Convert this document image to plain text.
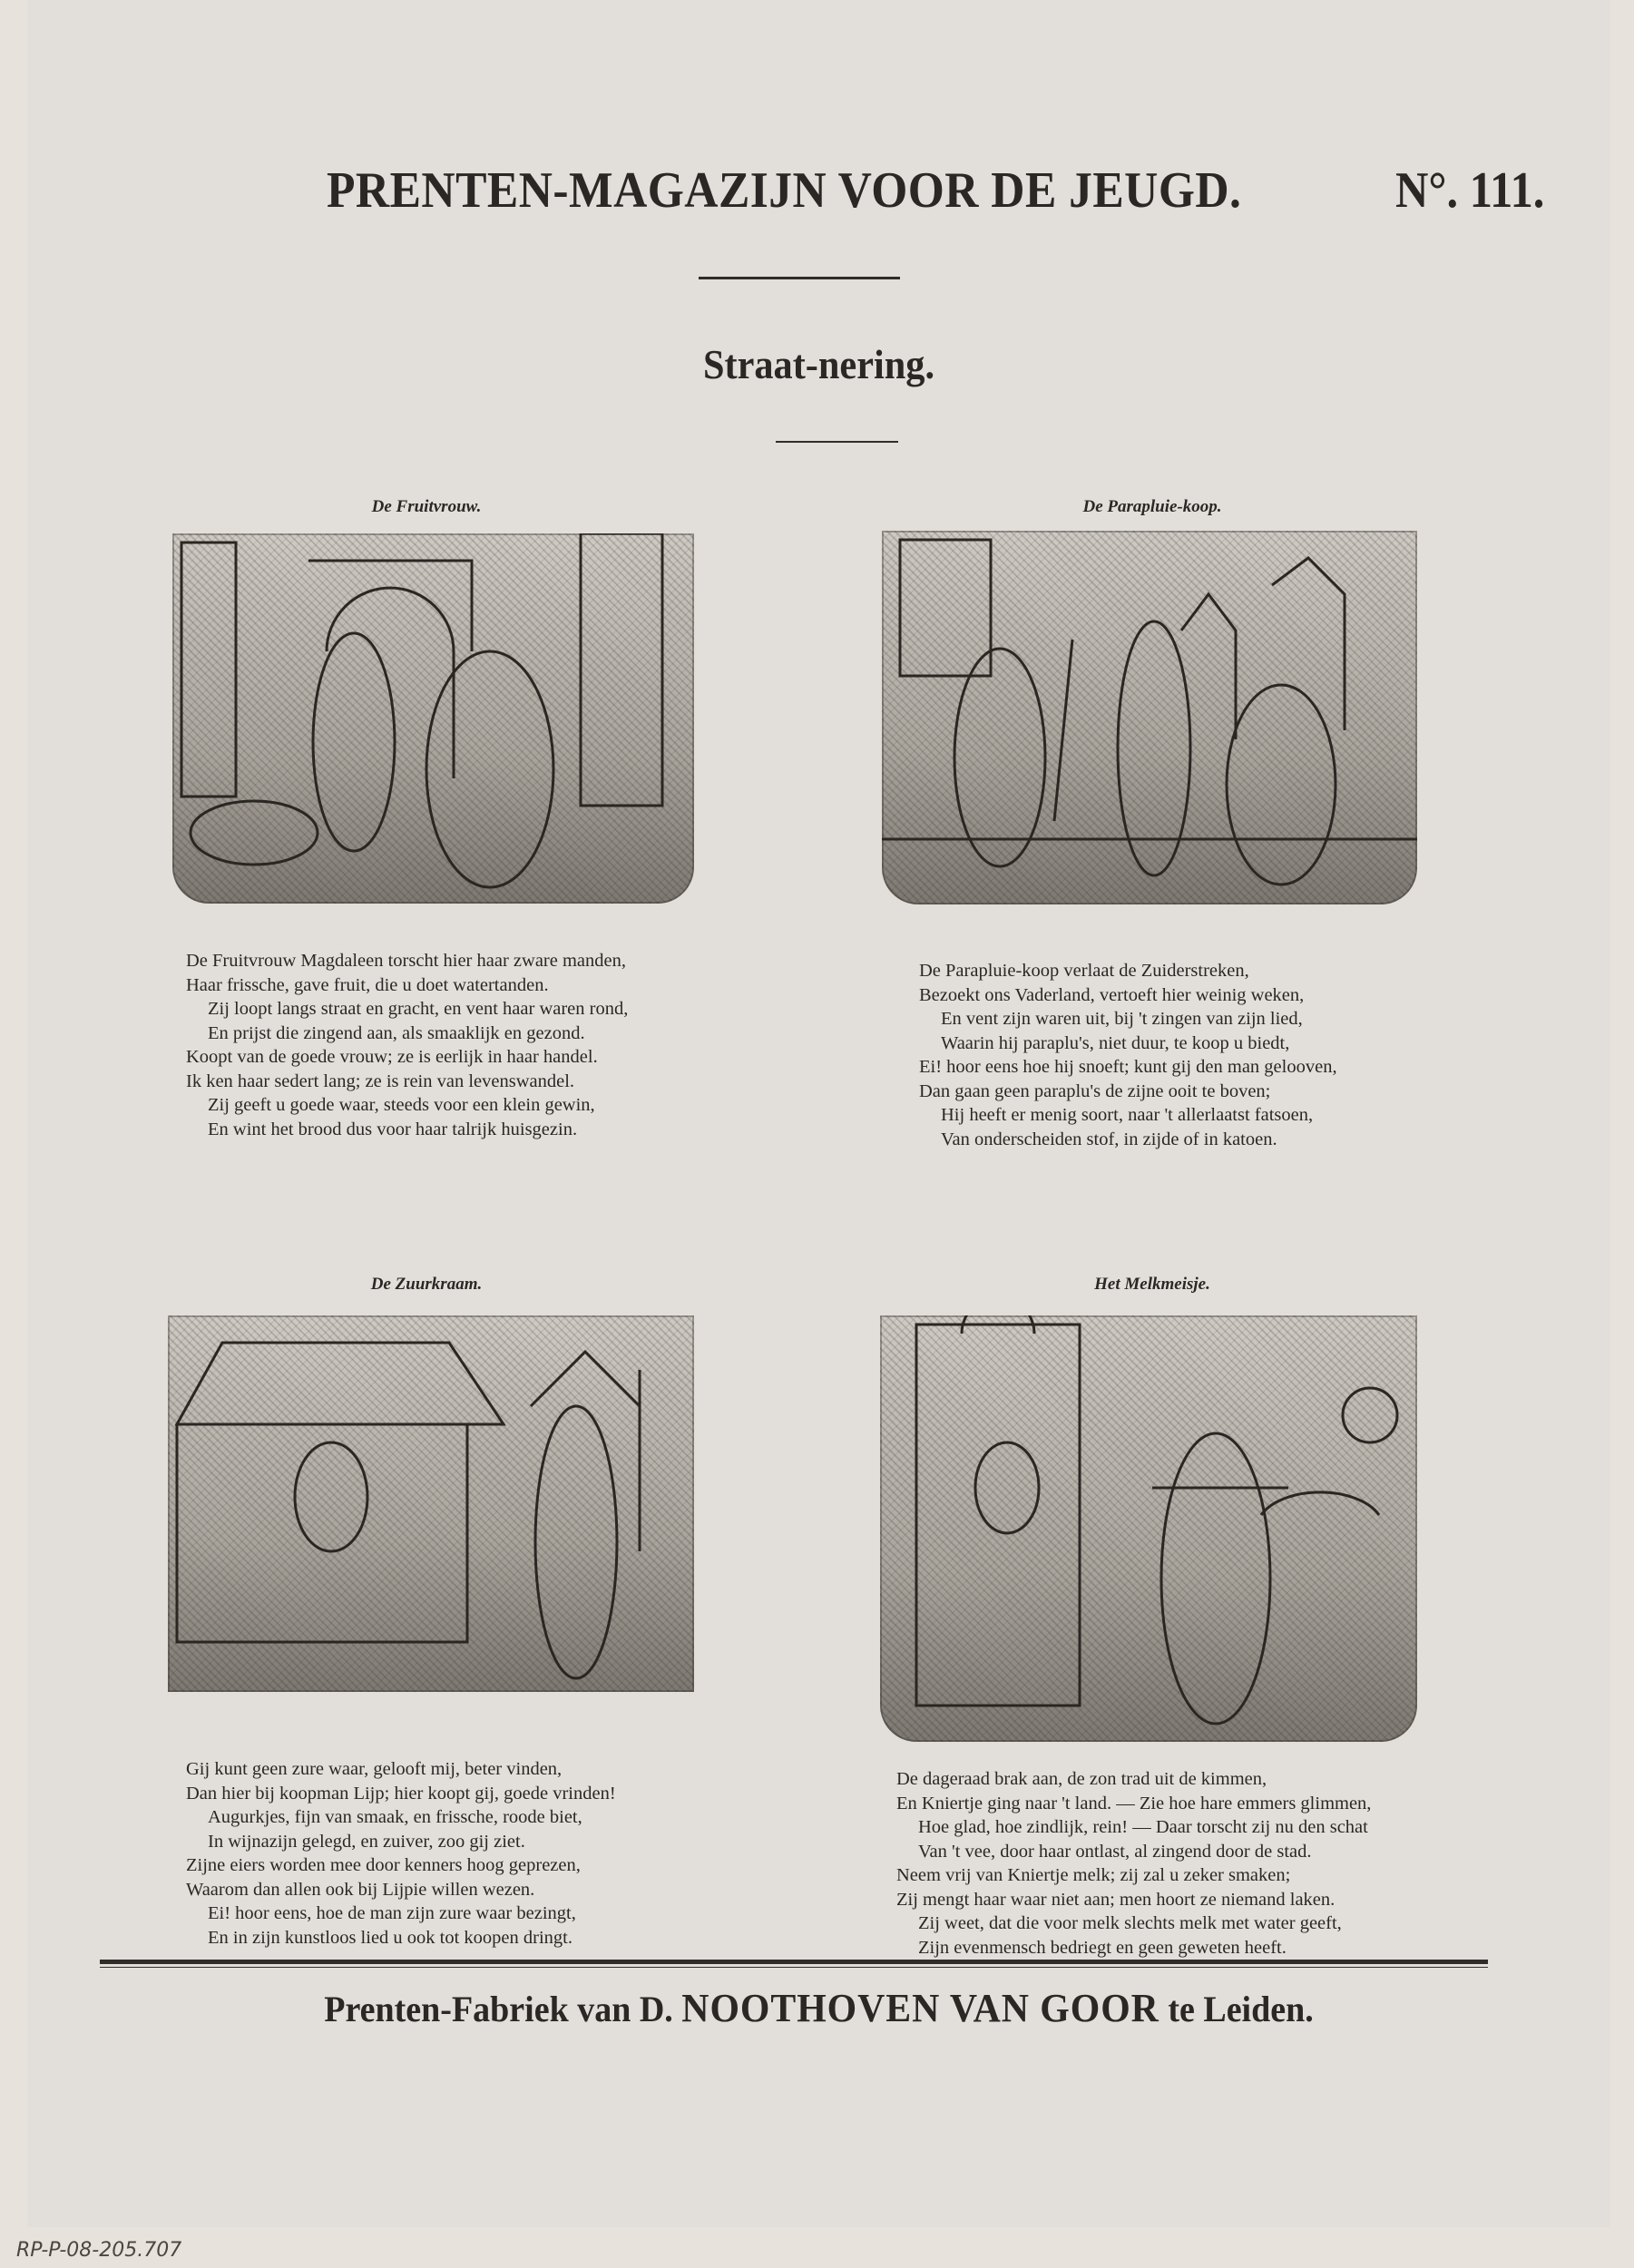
PRENTEN-MAGAZIJN VOOR DE JEUGD.	N°. 111.
Straat-nering.
De Fruitvrouw.
De Fruitvrouw Magdaleen torscht hier haar zware manden,
Haar frissche, gave fruit, die u doet watertanden.
Zij loopt langs straat en gracht, en vent haar waren rond,
En prijst die zingend aan, als smaaklijk en gezond.
Koopt van de goede vrouw; ze is eerlijk in haar handel.
Ik ken haar sedert lang; ze is rein van levenswandel.
Zij geeft u goede waar, steeds voor een klein gewin,
En wint het brood dus voor haar talrijk huisgezin.
De Parapluie-koop.
De Parapluie-koop verlaat de Zuiderstreken,
Bezoekt ons Vaderland, vertoeft hier weinig weken,
En vent zijn waren uit, bij 't zingen van zijn lied,
Waarin hij paraplu's, niet duur, te koop u biedt,
Ei! hoor eens hoe hij snoeft; kunt gij den man gelooven,
Dan gaan geen paraplu's de zijne ooit te boven;
Hij heeft er menig soort, naar 't allerlaatst fatsoen,
Van onderscheiden stof, in zijde of in katoen.
De Zuurkraam.
Gij kunt geen zure waar, gelooft mij, beter vinden,
Dan hier bij koopman Lijp; hier koopt gij, goede vrinden!
Augurkjes, fijn van smaak, en frissche, roode biet,
In wijnazijn gelegd, en zuiver, zoo gij ziet.
Zijne eiers worden mee door kenners hoog geprezen,
Waarom dan allen ook bij Lijpie willen wezen.
Ei! hoor eens, hoe de man zijn zure waar bezingt,
En in zijn kunstloos lied u ook tot koopen dringt.
Het Melkmeisje.
De dageraad brak aan, de zon trad uit de kimmen,
En Kniertje ging naar 't land. — Zie hoe hare emmers glimmen,
Hoe glad, hoe zindlijk, rein! — Daar torscht zij nu den schat
Van 't vee, door haar ontlast, al zingend door de stad.
Neem vrij van Kniertje melk; zij zal u zeker smaken;
Zij mengt haar waar niet aan; men hoort ze niemand laken.
Zij weet, dat die voor melk slechts melk met water geeft,
Zijn evenmensch bedriegt en geen geweten heeft.
Prenten-Fabriek van D. NOOTHOVEN VAN GOOR te Leiden.
RP-P-08-205.707
